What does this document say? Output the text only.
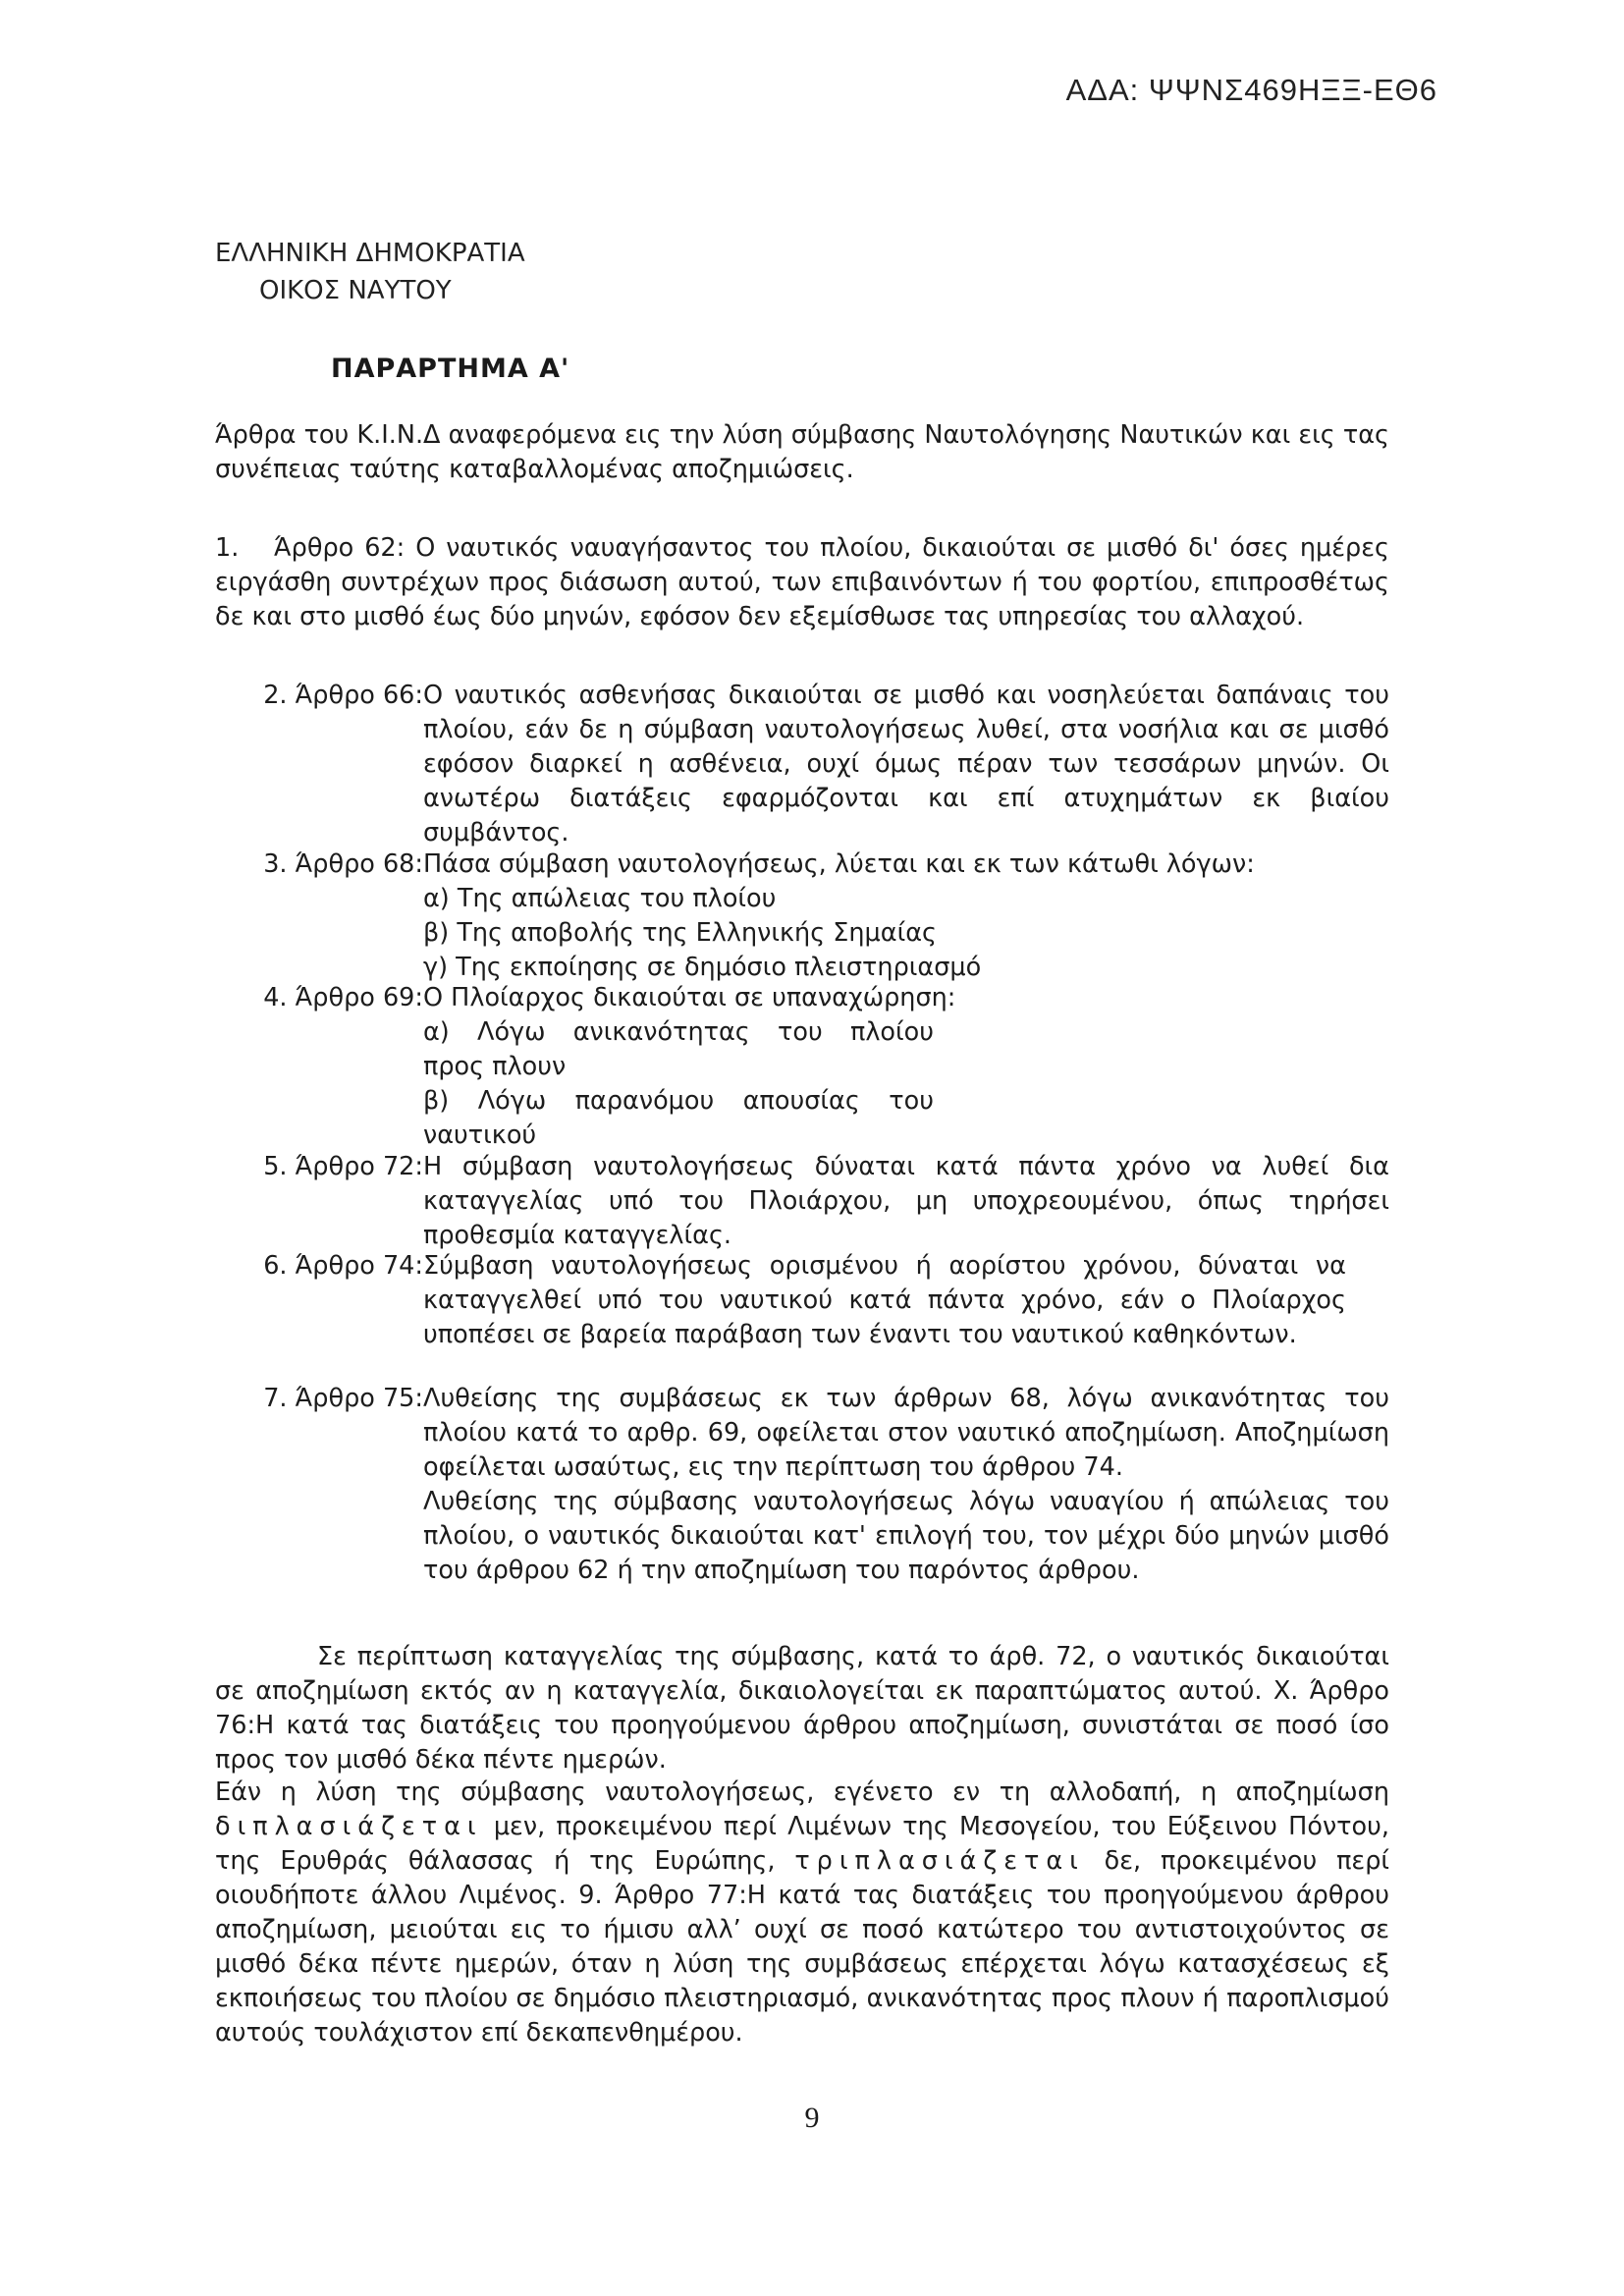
ΑΔΑ: ΨΨΝΣ469ΗΞΞ-ΕΘ6
ΕΛΛΗΝΙΚΗ ΔΗΜΟΚΡΑΤΙΑ
ΟΙΚΟΣ ΝΑΥΤΟΥ
ΠΑΡΑΡΤΗΜΑ Α'
Άρθρα του Κ.Ι.Ν.Δ αναφερόμενα εις την λύση σύμβασης Ναυτολόγησης Ναυτικών και εις τας συνέπειας ταύτης καταβαλλομένας αποζημιώσεις.
1. Άρθρο 62: Ο ναυτικός ναυαγήσαντος του πλοίου, δικαιούται σε μισθό δι' όσες ημέρες ειργάσθη συντρέχων προς διάσωση αυτού, των επιβαινόντων ή του φορτίου, επιπροσθέτως δε και στο μισθό έως δύο μηνών, εφόσον δεν εξεμίσθωσε τας υπηρεσίας του αλλαχού.
2. Άρθρο 66: Ο ναυτικός ασθενήσας δικαιούται σε μισθό και νοσηλεύεται δαπάναις του πλοίου, εάν δε η σύμβαση ναυτολογήσεως λυθεί, στα νοσήλια και σε μισθό εφόσον διαρκεί η ασθένεια, ουχί όμως πέραν των τεσσάρων μηνών. Οι ανωτέρω διατάξεις εφαρμόζονται και επί ατυχημάτων εκ βιαίου συμβάντος.
3. Άρθρο 68: Πάσα σύμβαση ναυτολογήσεως, λύεται και εκ των κάτωθι λόγων:

α) Της απώλειας του πλοίου

β) Της αποβολής της Ελληνικής Σημαίας

γ) Της εκποίησης σε δημόσιο πλειστηριασμό

4. Άρθρο 69: Ο Πλοίαρχος δικαιούται σε υπαναχώρηση:
α) Λόγω ανικανότητας του πλοίου
προς πλουν
β) Λόγω παρανόμου απουσίας του
ναυτικού
5. Άρθρο 72: Η σύμβαση ναυτολογήσεως δύναται κατά πάντα χρόνο να λυθεί δια καταγγελίας υπό του Πλοιάρχου, μη υποχρεουμένου, όπως τηρήσει προθεσμία καταγγελίας.
6. Άρθρο 74: Σύμβαση ναυτολογήσεως ορισμένου ή αορίστου χρόνου, δύναται να καταγγελθεί υπό του ναυτικού κατά πάντα χρόνο, εάν ο Πλοίαρχος υποπέσει σε βαρεία παράβαση των έναντι του ναυτικού καθηκόντων.
7. Άρθρο 75: Λυθείσης της συμβάσεως εκ των άρθρων 68, λόγω ανικανότητας του πλοίου κατά το αρθρ. 69, οφείλεται στον ναυτικό αποζημίωση. Αποζημίωση οφείλεται ωσαύτως, εις την περίπτωση του άρθρου 74.
Λυθείσης της σύμβασης ναυτολογήσεως λόγω ναυαγίου ή απώλειας του πλοίου, ο ναυτικός δικαιούται κατ' επιλογή του, τον μέχρι δύο μηνών μισθό του άρθρου 62 ή την αποζημίωση του παρόντος άρθρου.
Σε περίπτωση καταγγελίας της σύμβασης, κατά το άρθ. 72, ο ναυτικός δικαιούται σε αποζημίωση εκτός αν η καταγγελία, δικαιολογείται εκ παραπτώματος αυτού. Χ. Άρθρο 76:Η κατά τας διατάξεις του προηγούμενου άρθρου αποζημίωση, συνιστάται σε ποσό ίσο προς τον μισθό δέκα πέντε ημερών.
Εάν η λύση της σύμβασης ναυτολογήσεως, εγένετο εν τη αλλοδαπή, η αποζημίωση διπλασιάζεται μεν, προκειμένου περί Λιμένων της Μεσογείου, του Εύξεινου Πόντου, της Ερυθράς θάλασσας ή της Ευρώπης, τριπλασιάζεται δε, προκειμένου περί οιουδήποτε άλλου Λιμένος. 9. Άρθρο 77:Η κατά τας διατάξεις του προηγούμενου άρθρου αποζημίωση, μειούται εις το ήμισυ αλλ’ ουχί σε ποσό κατώτερο του αντιστοιχούντος σε μισθό δέκα πέντε ημερών, όταν η λύση της συμβάσεως επέρχεται λόγω κατασχέσεως εξ εκποιήσεως του πλοίου σε δημόσιο πλειστηριασμό, ανικανότητας προς πλουν ή παροπλισμού αυτούς τουλάχιστον επί δεκαπενθημέρου.
9
